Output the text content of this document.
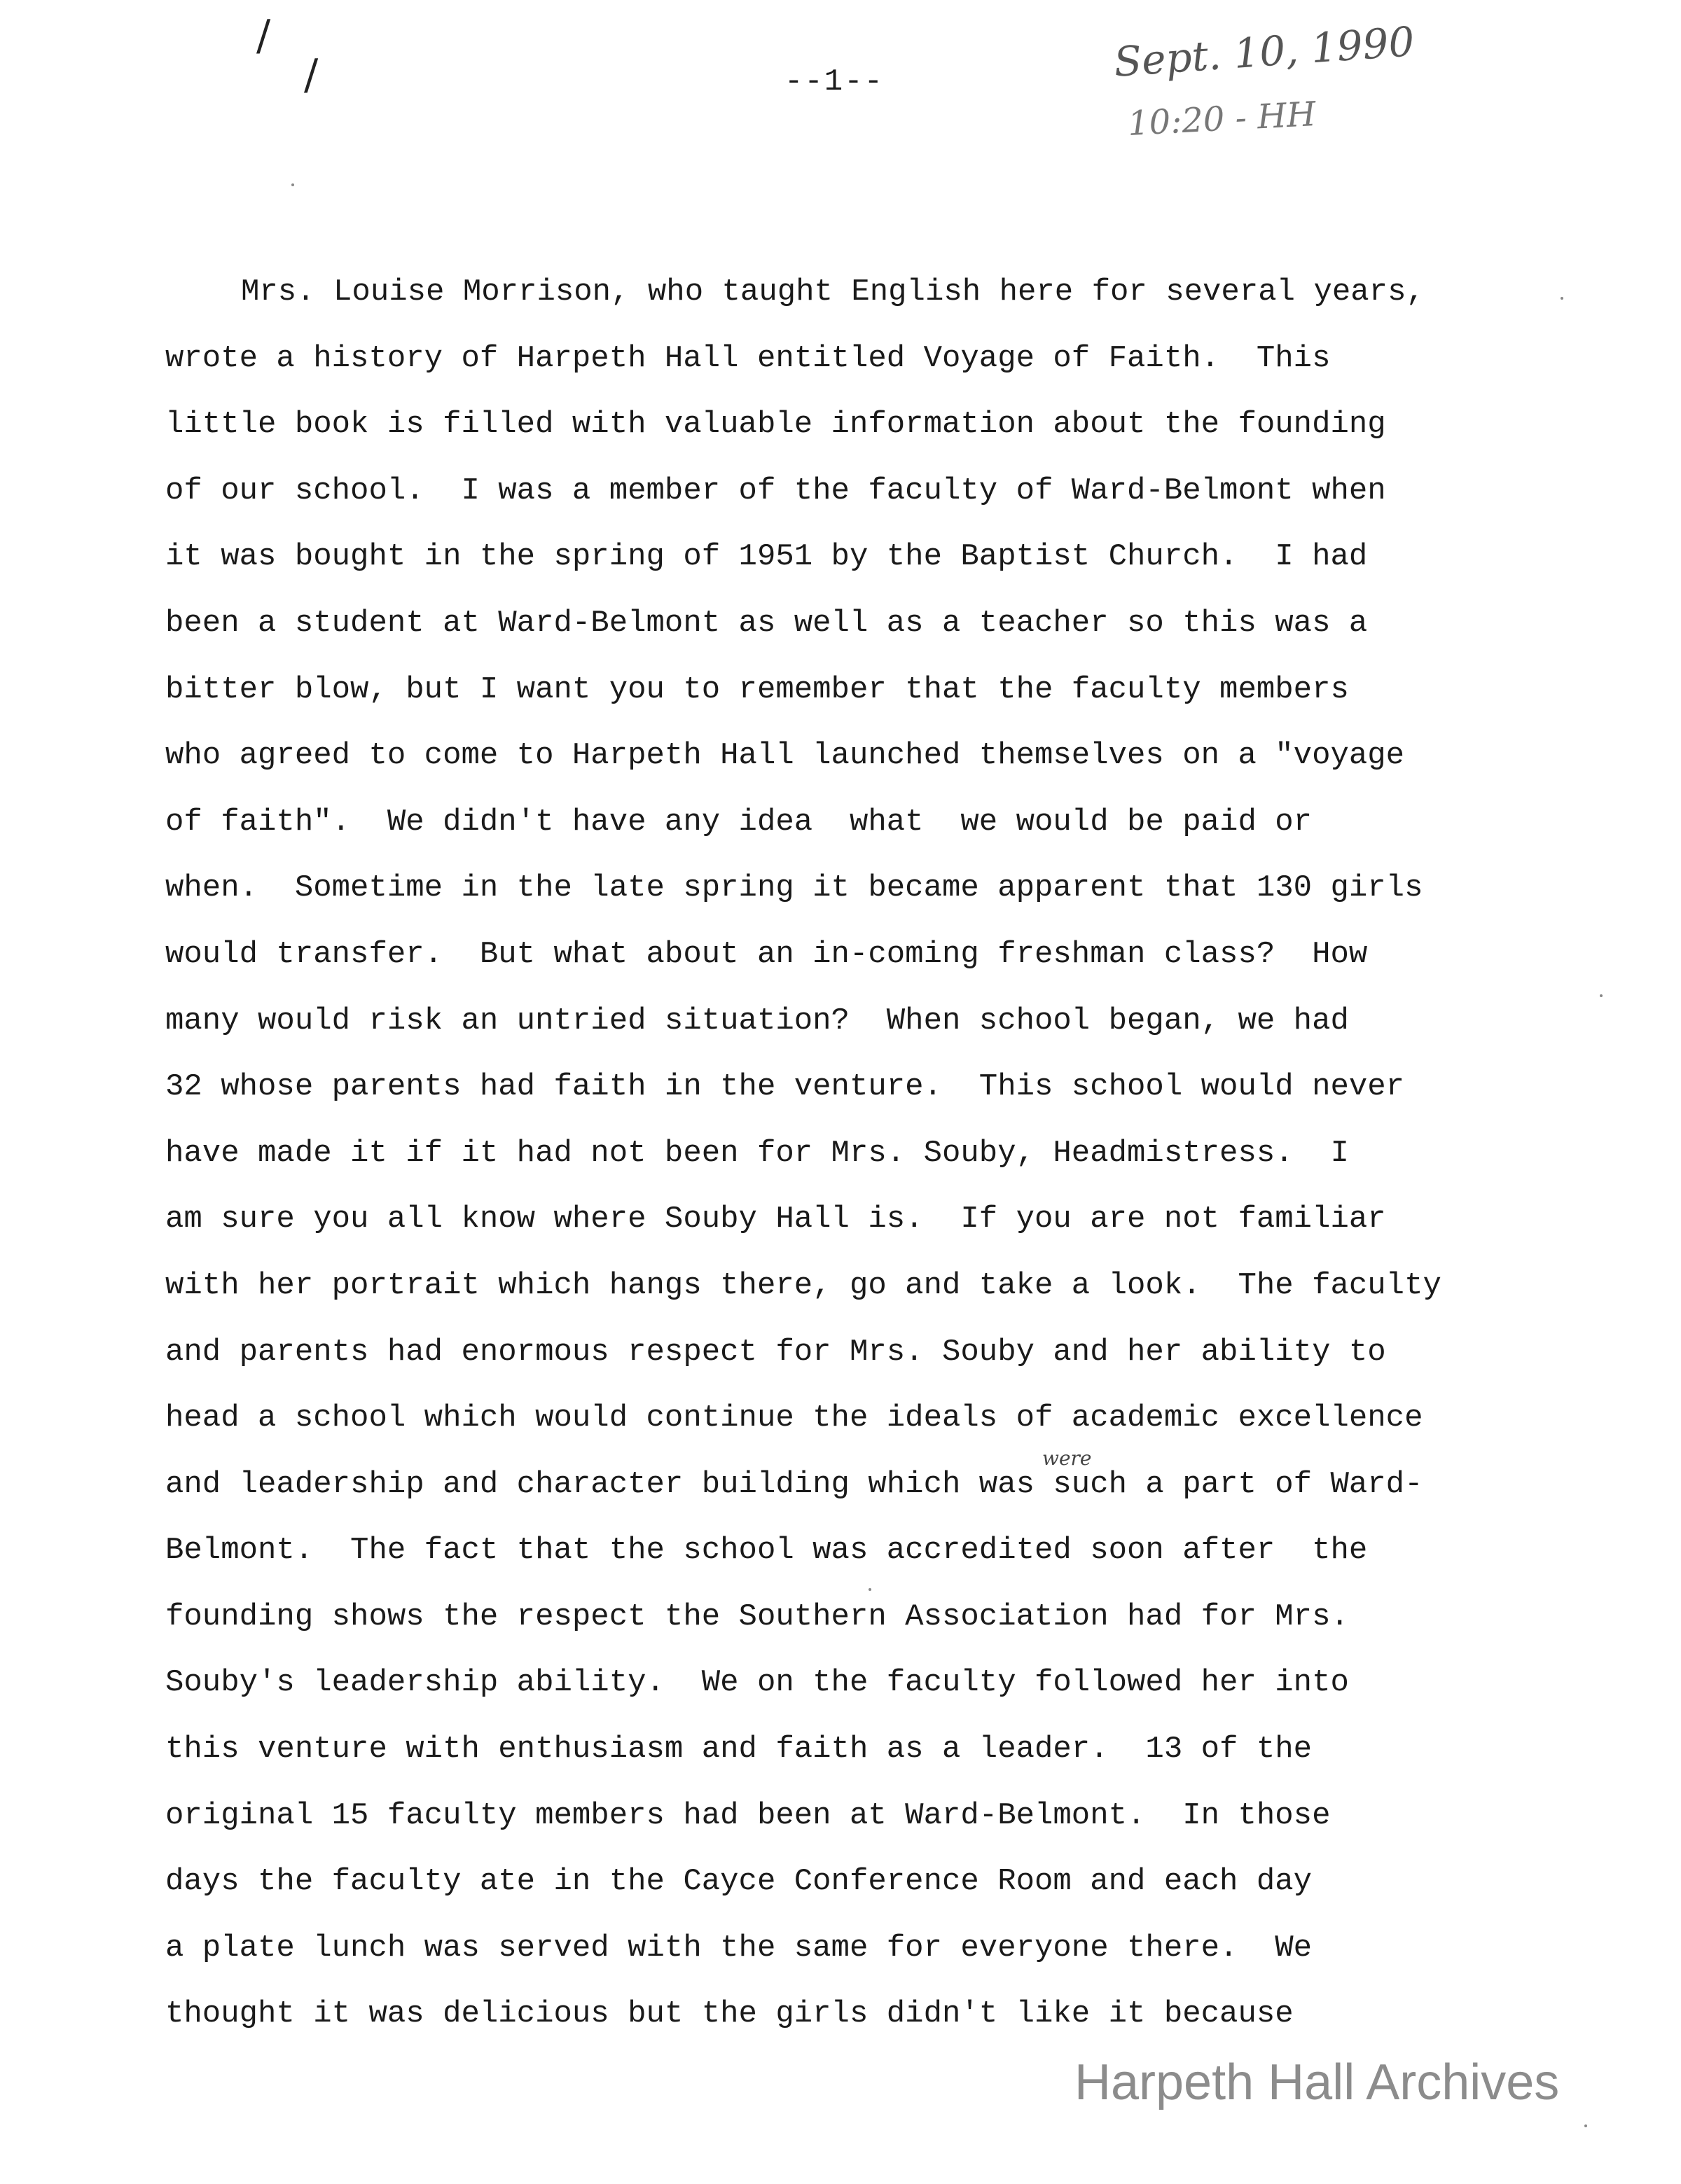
--1--	Sept. 10, 1990
10:20 - HH
/
/
were
Mrs. Louise Morrison, who taught English here for several years,
wrote a history of Harpeth Hall entitled Voyage of Faith.  This
little book is filled with valuable information about the founding
of our school.  I was a member of the faculty of Ward-Belmont when
it was bought in the spring of 1951 by the Baptist Church.  I had
been a student at Ward-Belmont as well as a teacher so this was a
bitter blow, but I want you to remember that the faculty members
who agreed to come to Harpeth Hall launched themselves on a "voyage
of faith".  We didn't have any idea  what  we would be paid or
when.  Sometime in the late spring it became apparent that 130 girls
would transfer.  But what about an in-coming freshman class?  How
many would risk an untried situation?  When school began, we had
32 whose parents had faith in the venture.  This school would never
have made it if it had not been for Mrs. Souby, Headmistress.  I
am sure you all know where Souby Hall is.  If you are not familiar
with her portrait which hangs there, go and take a look.  The faculty
and parents had enormous respect for Mrs. Souby and her ability to
head a school which would continue the ideals of academic excellence
and leadership and character building which was such a part of Ward-
Belmont.  The fact that the school was accredited soon after  the
founding shows the respect the Southern Association had for Mrs.
Souby's leadership ability.  We on the faculty followed her into
this venture with enthusiasm and faith as a leader.  13 of the
original 15 faculty members had been at Ward-Belmont.  In those
days the faculty ate in the Cayce Conference Room and each day
a plate lunch was served with the same for everyone there.  We
thought it was delicious but the girls didn't like it because
Harpeth Hall Archives
